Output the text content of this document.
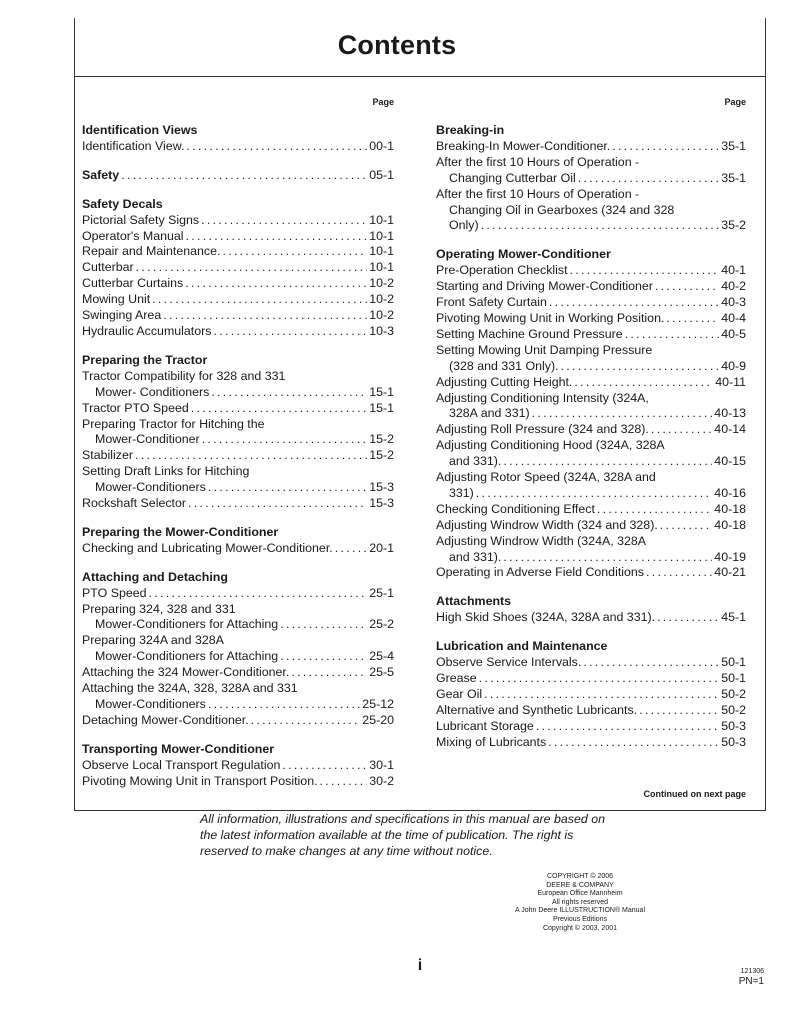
Contents
Page
Identification Views
Identification View. .....	00-1
Safety .....	05-1
Safety Decals
Pictorial Safety Signs .....	10-1
Operator's Manual .....	10-1
Repair and Maintenance. .....	10-1
Cutterbar .....	10-1
Cutterbar Curtains .....	10-2
Mowing Unit .....	10-2
Swinging Area .....	10-2
Hydraulic Accumulators .....	10-3
Preparing the Tractor
Tractor Compatibility for 328 and 331
Mower- Conditioners .....	15-1
Tractor PTO Speed .....	15-1
Preparing Tractor for Hitching the
Mower-Conditioner .....	15-2
Stabilizer .....	15-2
Setting Draft Links for Hitching
Mower-Conditioners .....	15-3
Rockshaft Selector .....	15-3
Preparing the Mower-Conditioner
Checking and Lubricating Mower-Conditioner. .....	20-1
Attaching and Detaching
PTO Speed .....	25-1
Preparing 324, 328 and 331
Mower-Conditioners for Attaching .....	25-2
Preparing 324A and 328A
Mower-Conditioners for Attaching .....	25-4
Attaching the 324 Mower-Conditioner. .....	25-5
Attaching the 324A, 328, 328A and 331
Mower-Conditioners .....	25-12
Detaching Mower-Conditioner. .....	25-20
Transporting Mower-Conditioner
Observe Local Transport Regulation .....	30-1
Pivoting Mowing Unit in Transport Position. .....	30-2
Page
Breaking-in
Breaking-In Mower-Conditioner. .....	35-1
After the first 10 Hours of Operation -
Changing Cutterbar Oil .....	35-1
After the first 10 Hours of Operation -
Changing Oil in Gearboxes (324 and 328
Only) .....	35-2
Operating Mower-Conditioner
Pre-Operation Checklist .....	40-1
Starting and Driving Mower-Conditioner .....	40-2
Front Safety Curtain .....	40-3
Pivoting Mowing Unit in Working Position. .....	40-4
Setting Machine Ground Pressure .....	40-5
Setting Mowing Unit Damping Pressure
(328 and 331 Only). .....	40-9
Adjusting Cutting Height. .....	40-11
Adjusting Conditioning Intensity (324A,
328A and 331) .....	40-13
Adjusting Roll Pressure (324 and 328). .....	40-14
Adjusting Conditioning Hood (324A, 328A
and 331). .....	40-15
Adjusting Rotor Speed (324A, 328A and
331) .....	40-16
Checking Conditioning Effect .....	40-18
Adjusting Windrow Width (324 and 328). .....	40-18
Adjusting Windrow Width (324A, 328A
and 331). .....	40-19
Operating in Adverse Field Conditions .....	40-21
Attachments
High Skid Shoes (324A, 328A and 331). .....	45-1
Lubrication and Maintenance
Observe Service Intervals. .....	50-1
Grease .....	50-1
Gear Oil .....	50-2
Alternative and Synthetic Lubricants. .....	50-2
Lubricant Storage .....	50-3
Mixing of Lubricants .....	50-3
Continued on next page
All information, illustrations and specifications in this manual are based on
the latest information available at the time of publication. The right is
reserved to make changes at any time without notice.
COPYRIGHT © 2006
DEERE & COMPANY
European Office Mannheim
All rights reserved
A John Deere ILLUSTRUCTION® Manual
Previous Editions
Copyright © 2003, 2001
i	121306
PN=1
